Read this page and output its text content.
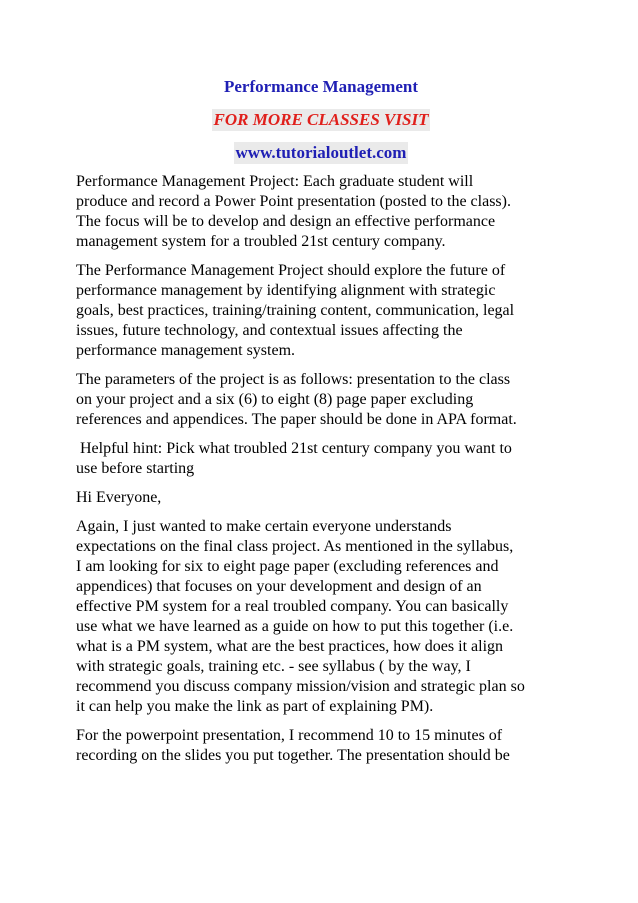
Performance Management

FOR MORE CLASSES VISIT

www.tutorialoutlet.com

Performance Management Project: Each graduate student will
produce and record a Power Point presentation (posted to the class).
The focus will be to develop and design an effective performance
management system for a troubled 21st century company.

The Performance Management Project should explore the future of
performance management by identifying alignment with strategic
goals, best practices, training/training content, communication, legal
issues, future technology, and contextual issues affecting the
performance management system.

The parameters of the project is as follows: presentation to the class
on your project and a six (6) to eight (8) page paper excluding
references and appendices. The paper should be done in APA format.

Helpful hint: Pick what troubled 21st century company you want to
use before starting

Hi Everyone,

Again, I just wanted to make certain everyone understands
expectations on the final class project. As mentioned in the syllabus,
I am looking for six to eight page paper (excluding references and
appendices) that focuses on your development and design of an
effective PM system for a real troubled company. You can basically
use what we have learned as a guide on how to put this together (i.e.
what is a PM system, what are the best practices, how does it align
with strategic goals, training etc. - see syllabus ( by the way, I
recommend you discuss company mission/vision and strategic plan so
it can help you make the link as part of explaining PM).

For the powerpoint presentation, I recommend 10 to 15 minutes of
recording on the slides you put together. The presentation should be
